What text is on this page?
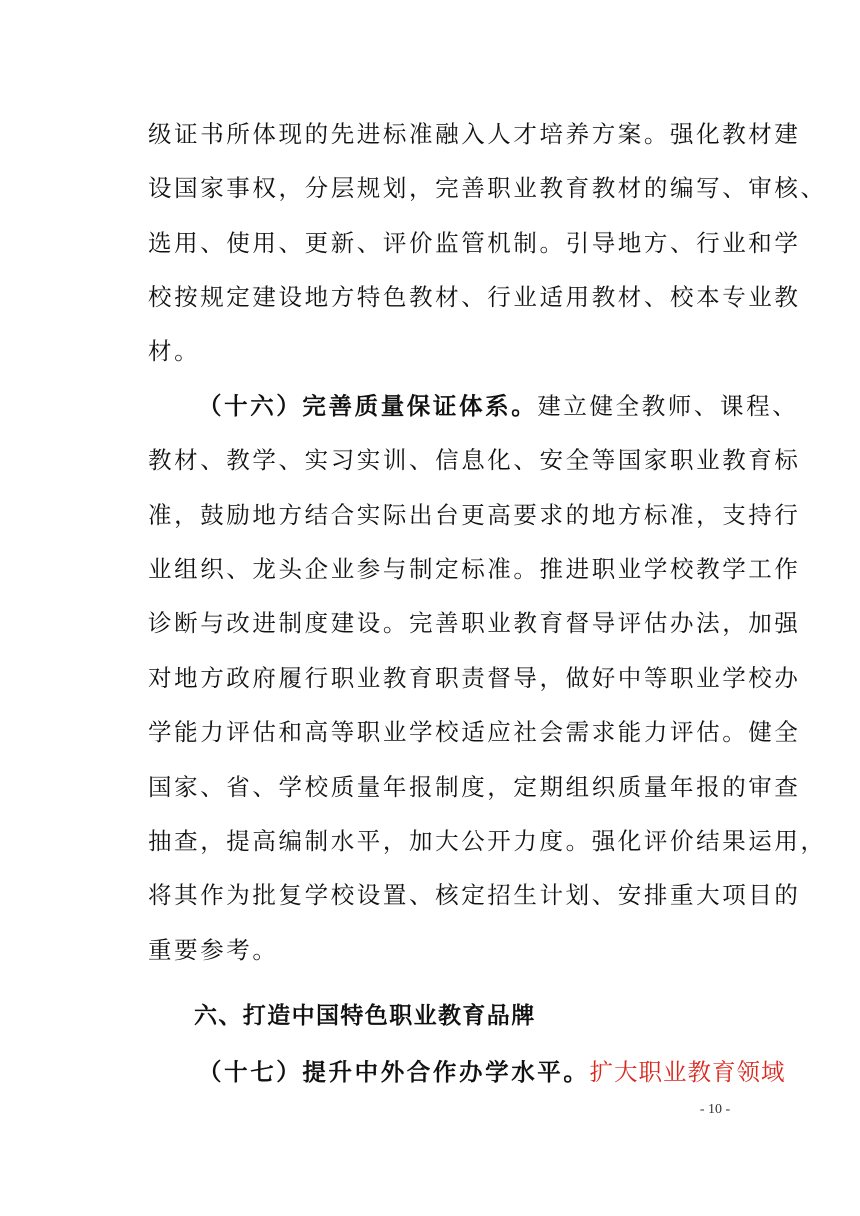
级证书所体现的先进标准融入人才培养方案。强化教材建
设国家事权，分层规划，完善职业教育教材的编写、审核、
选用、使用、更新、评价监管机制。引导地方、行业和学
校按规定建设地方特色教材、行业适用教材、校本专业教
材。
（十六）完善质量保证体系。建立健全教师、课程、
教材、教学、实习实训、信息化、安全等国家职业教育标
准，鼓励地方结合实际出台更高要求的地方标准，支持行
业组织、龙头企业参与制定标准。推进职业学校教学工作
诊断与改进制度建设。完善职业教育督导评估办法，加强
对地方政府履行职业教育职责督导，做好中等职业学校办
学能力评估和高等职业学校适应社会需求能力评估。健全
国家、省、学校质量年报制度，定期组织质量年报的审查
抽查，提高编制水平，加大公开力度。强化评价结果运用，
将其作为批复学校设置、核定招生计划、安排重大项目的
重要参考。
六、打造中国特色职业教育品牌
（十七）提升中外合作办学水平。扩大职业教育领域
- 10 -
